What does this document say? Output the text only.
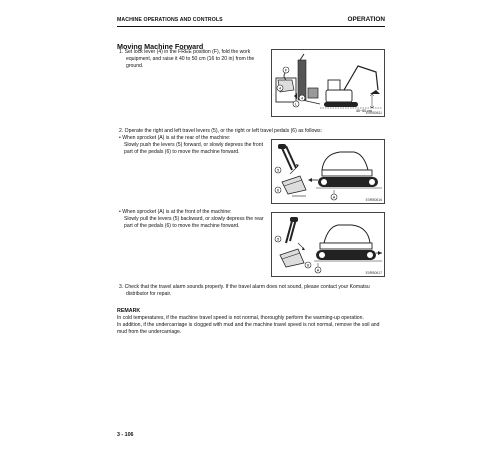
MACHINE OPERATIONS AND CONTROLS	OPERATION
Moving Machine Forward
1. Set lock lever (4) in the FREE position (F), fold the work
equipment, and raise it 40 to 50 cm (16 to 20 in) from the
ground.
F
4
4
L
40~50 cm
E0RB0611
2. Operate the right and left travel levers (5), or the right or left travel pedals (6) as follows:
• When sprocket (A) is at the rear of the machine:
Slowly push the levers (5) forward, or slowly depress the front
part of the pedals (6) to move the machine forward.
5
6
A
E0RB0616
• When sprocket (A) is at the front of the machine:
Slowly pull the levers (5) backward, or slowly depress the rear
part of the pedals (6) to move the machine forward.
5
6
A
E0RB0617
3. Check that the travel alarm sounds properly. If the travel alarm does not sound, please contact your Komatsu
distributor for repair.
REMARK
In cold temperatures, if the machine travel speed is not normal, thoroughly perform the warming-up operation.
In addition, if the undercarriage is clogged with mud and the machine travel speed is not normal, remove the soil and
mud from the undercarriage.
3 - 106
